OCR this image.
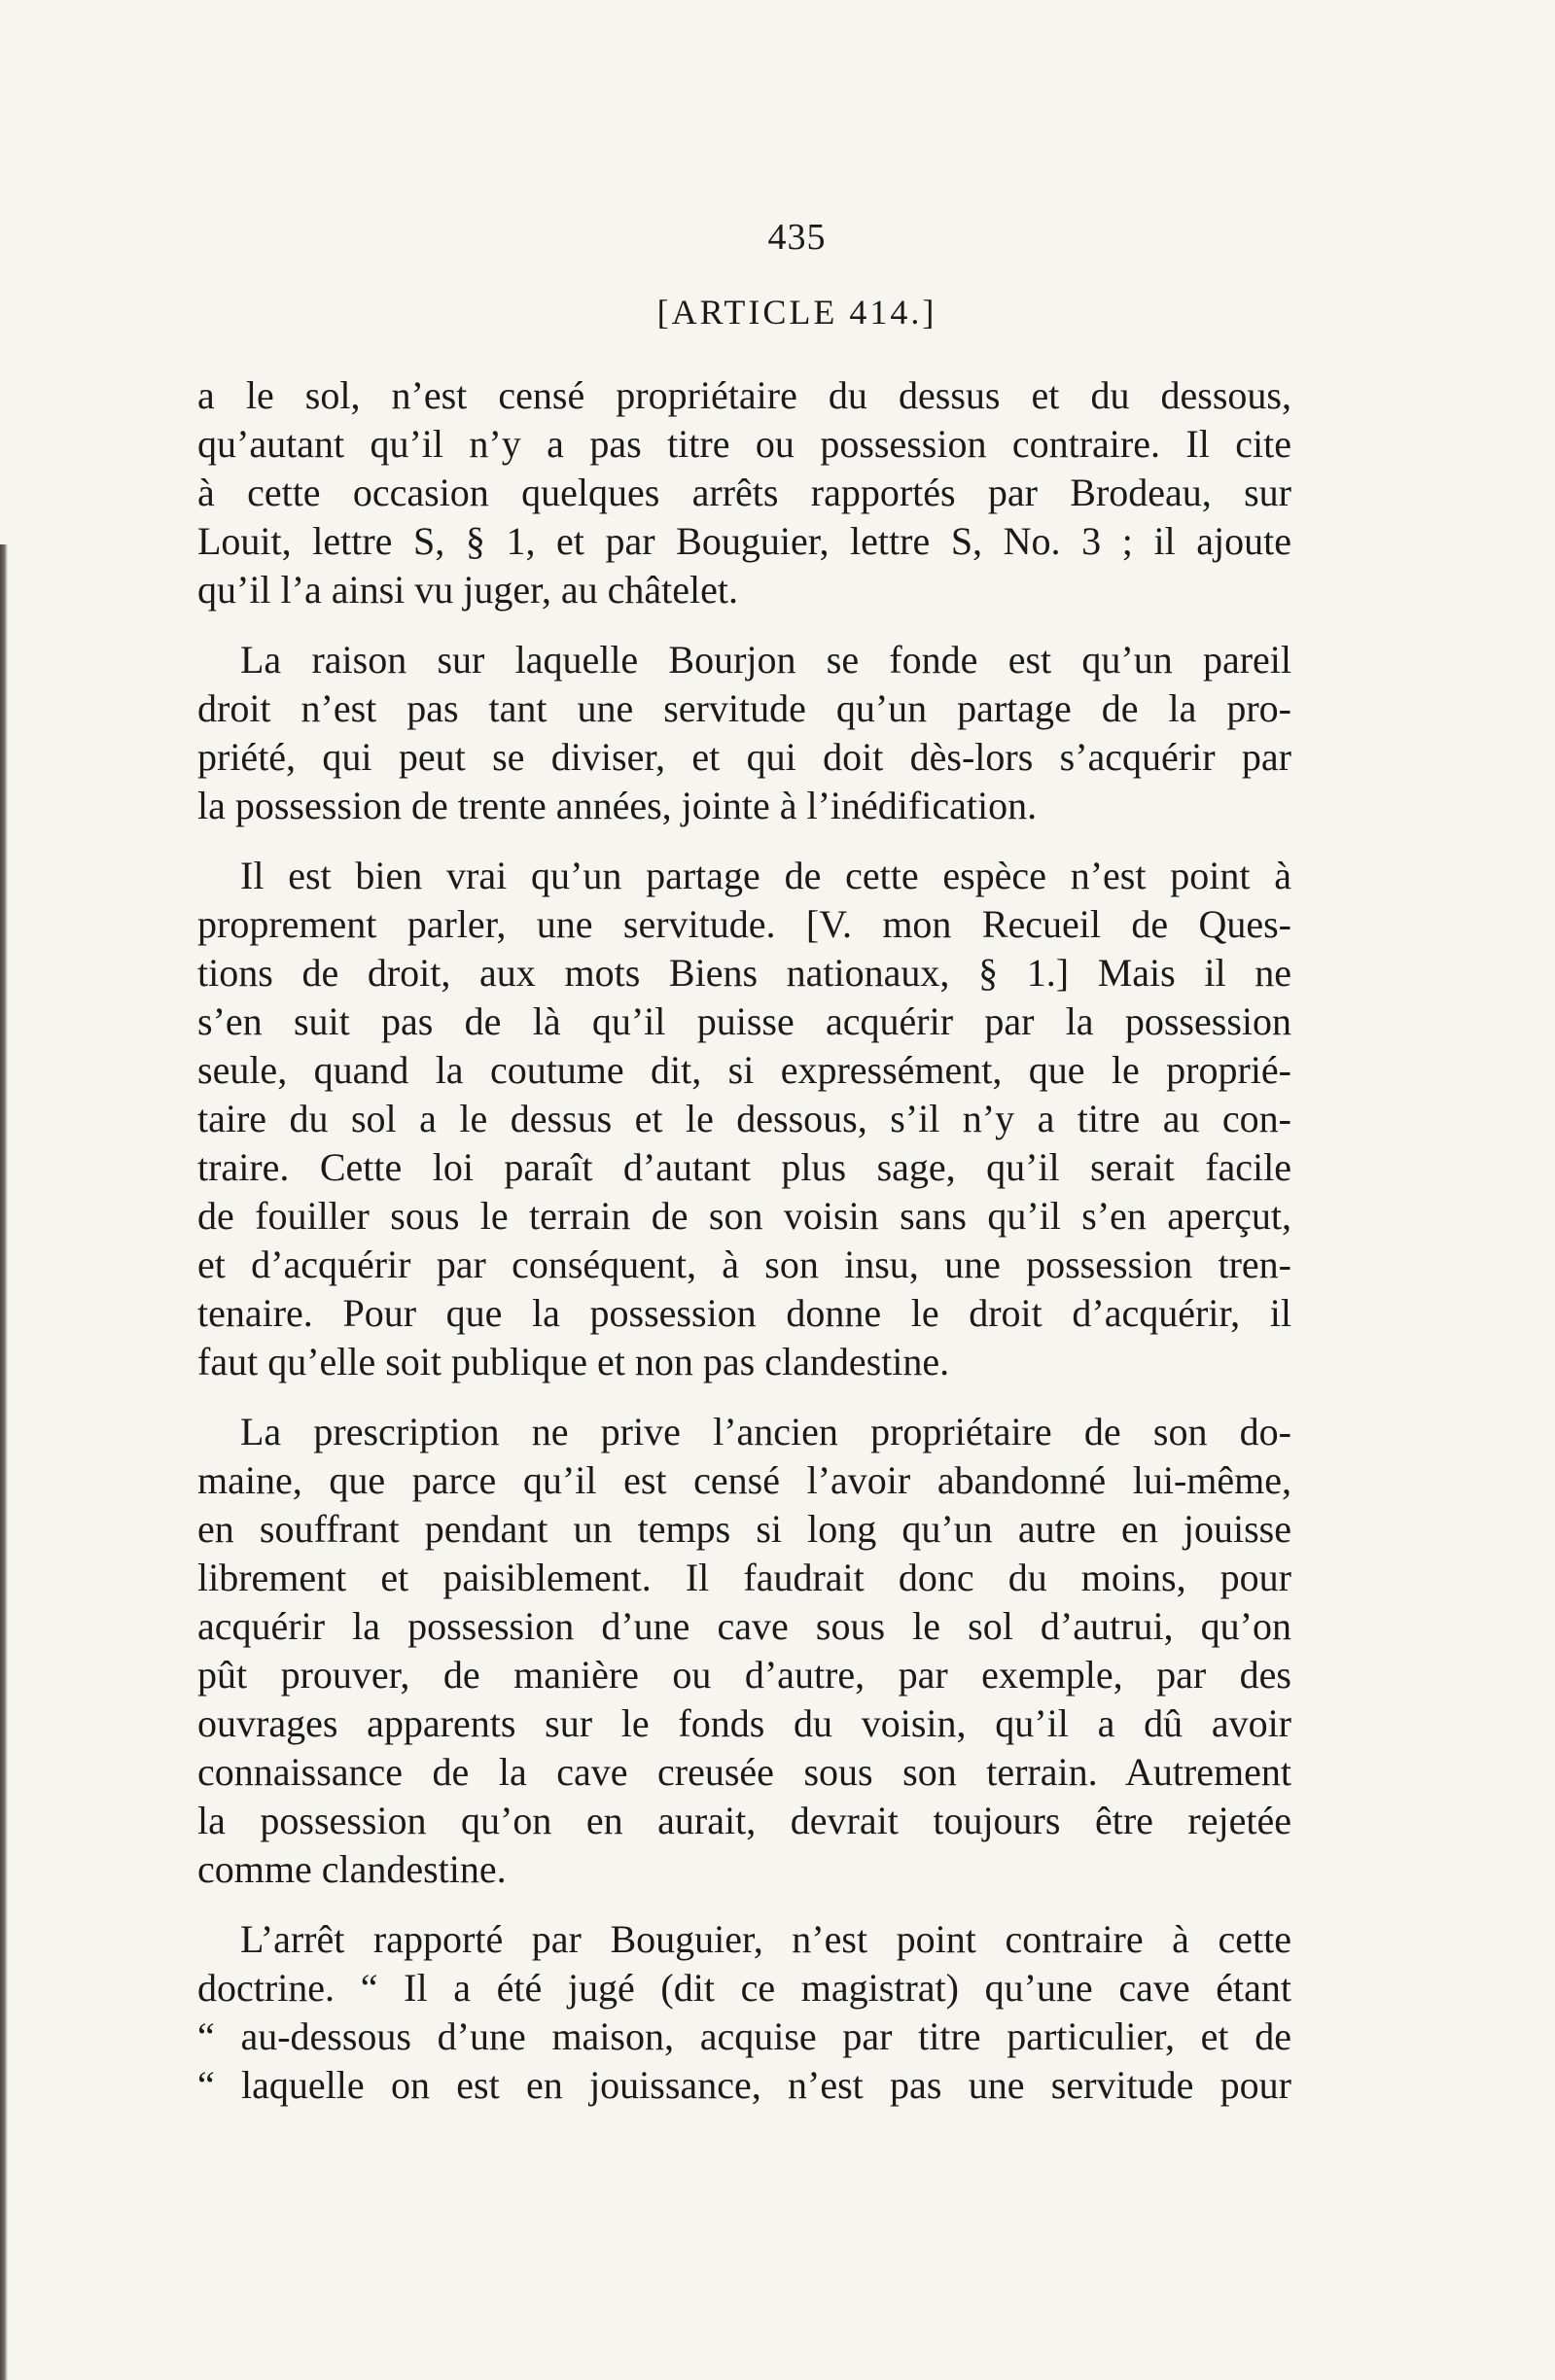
435
[ARTICLE 414.]

a le sol, n’est censé propriétaire du dessus et du dessous,
qu’autant qu’il n’y a pas titre ou possession contraire. Il cite
à cette occasion quelques arrêts rapportés par Brodeau, sur
Louit, lettre S, § 1, et par Bouguier, lettre S, No. 3 ; il ajoute
qu’il l’a ainsi vu juger, au châtelet.

La raison sur laquelle Bourjon se fonde est qu’un pareil
droit n’est pas tant une servitude qu’un partage de la pro-
priété, qui peut se diviser, et qui doit dès-lors s’acquérir par
la possession de trente années, jointe à l’inédification.

Il est bien vrai qu’un partage de cette espèce n’est point à
proprement parler, une servitude. [V. mon Recueil de Ques-
tions de droit, aux mots Biens nationaux, § 1.] Mais il ne
s’en suit pas de là qu’il puisse acquérir par la possession
seule, quand la coutume dit, si expressément, que le proprié-
taire du sol a le dessus et le dessous, s’il n’y a titre au con-
traire. Cette loi paraît d’autant plus sage, qu’il serait facile
de fouiller sous le terrain de son voisin sans qu’il s’en aperçut,
et d’acquérir par conséquent, à son insu, une possession tren-
tenaire. Pour que la possession donne le droit d’acquérir, il
faut qu’elle soit publique et non pas clandestine.

La prescription ne prive l’ancien propriétaire de son do-
maine, que parce qu’il est censé l’avoir abandonné lui-même,
en souffrant pendant un temps si long qu’un autre en jouisse
librement et paisiblement. Il faudrait donc du moins, pour
acquérir la possession d’une cave sous le sol d’autrui, qu’on
pût prouver, de manière ou d’autre, par exemple, par des
ouvrages apparents sur le fonds du voisin, qu’il a dû avoir
connaissance de la cave creusée sous son terrain. Autrement
la possession qu’on en aurait, devrait toujours être rejetée
comme clandestine.

L’arrêt rapporté par Bouguier, n’est point contraire à cette
doctrine. “ Il a été jugé (dit ce magistrat) qu’une cave étant
“ au-dessous d’une maison, acquise par titre particulier, et de
“ laquelle on est en jouissance, n’est pas une servitude pour
